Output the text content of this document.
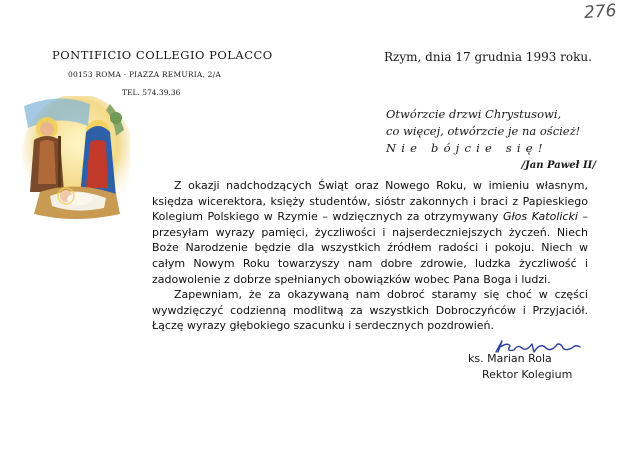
276
PONTIFICIO COLLEGIO POLACCO
00153 ROMA · PIAZZA REMURIA, 2/A
TEL. 574.39.36
Rzym, dnia 17 grudnia 1993 roku.
Otwórzcie drzwi Chrystusowi,
co więcej, otwórzcie je na oścież!
Nie bójcie się!
/Jan Paweł II/

Z okazji nadchodzących Świąt oraz Nowego Roku, w imieniu własnym, księdza wicerektora, księży studentów, sióstr zakonnych i braci z Papieskiego Kolegium Polskiego w Rzymie – wdzięcznych za otrzymywany Głos Katolicki – przesyłam wyrazy pamięci, życzliwości i najserdeczniejszych życzeń. Niech Boże Narodzenie będzie dla wszystkich źródłem radości i pokoju. Niech w całym Nowym Roku towarzyszy nam dobre zdrowie, ludzka życzliwość i zadowolenie z dobrze spełnianych obowiązków wobec Pana Boga i ludzi.

Zapewniam, że za okazywaną nam dobroć staramy się choć w części wywdzięczyć codzienną modlitwą za wszystkich Dobroczyńców i Przyjaciół. Łączę wyrazy głębokiego szacunku i serdecznych pozdrowień.

ks. Marian Rola
Rektor Kolegium
